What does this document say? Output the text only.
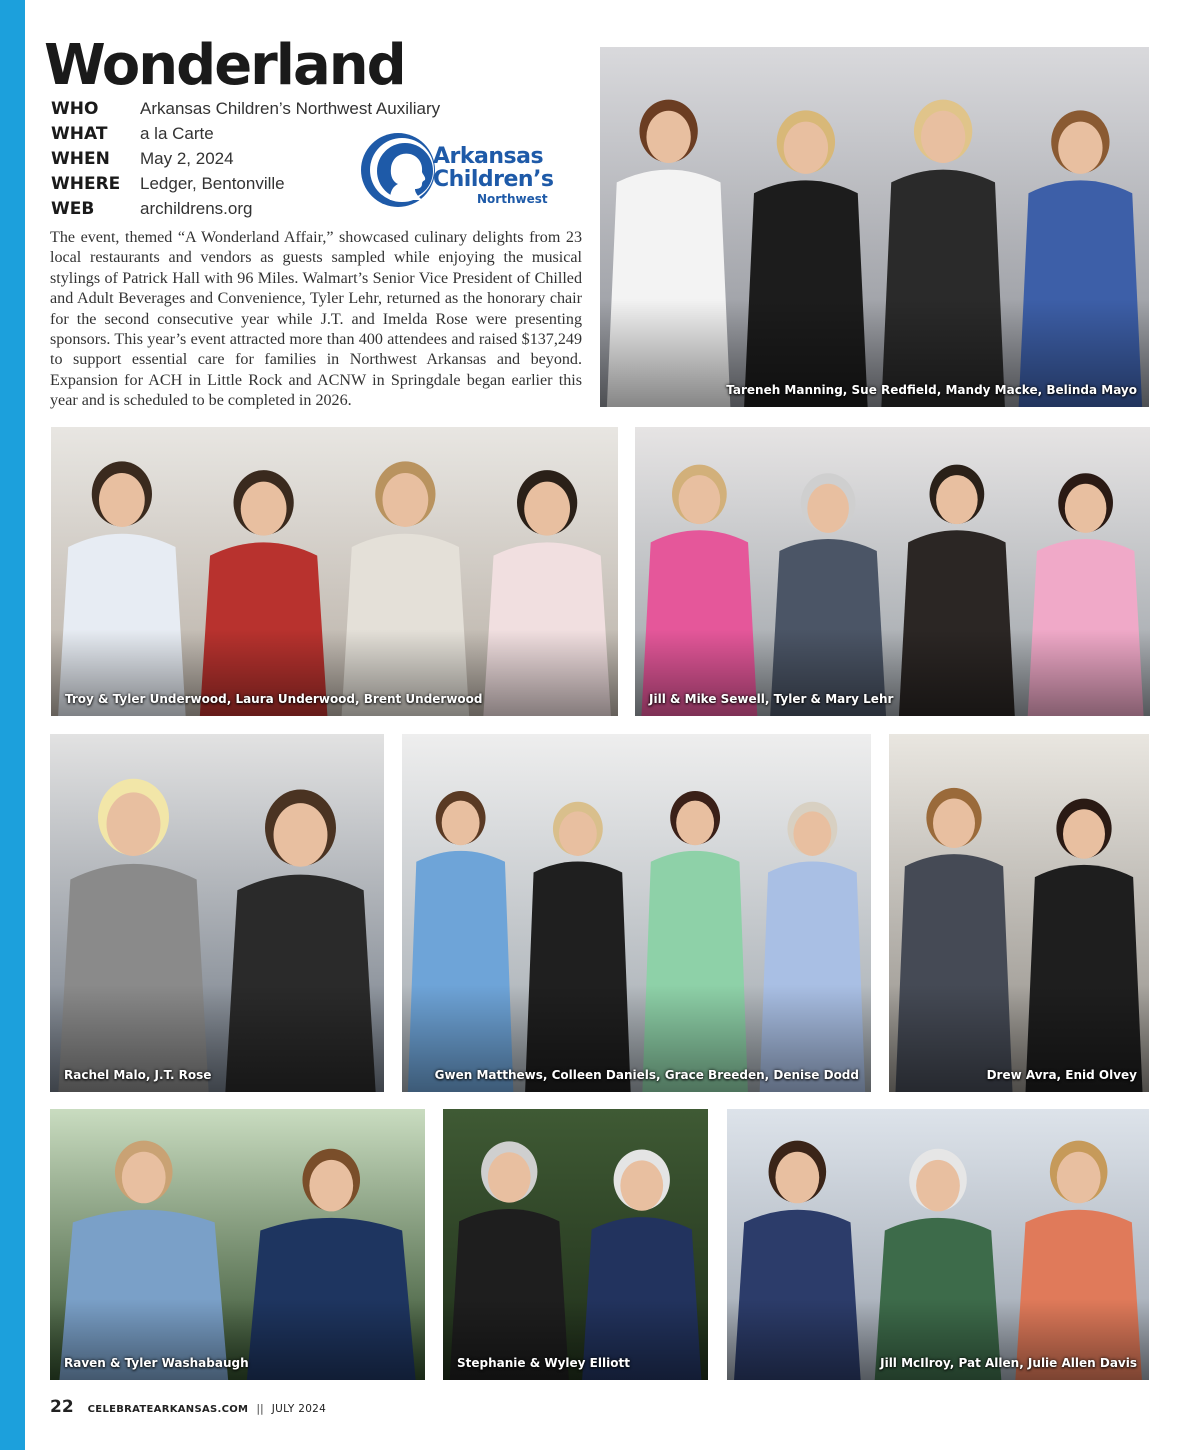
Wonderland
WHO	Arkansas Children’s Northwest Auxiliary
WHAT	a la Carte
WHEN	May 2, 2024
WHERE	Ledger, Bentonville
WEB	archildrens.org
Arkansas
Children’s
Northwest

The event, themed “A Wonderland Affair,” showcased culinary delights from 23 local restaurants and vendors as guests sampled while enjoying the musical stylings of Patrick Hall with 96 Miles. Walmart’s Senior Vice President of Chilled and Adult Beverages and Convenience, Tyler Lehr, returned as the honorary chair for the second consecutive year while J.T. and Imelda Rose were presenting sponsors. This year’s event attracted more than 400 attendees and raised $137,249 to support essential care for families in Northwest Arkansas and beyond. Expansion for ACH in Little Rock and ACNW in Springdale began earlier this year and is scheduled to be completed in 2026.

Tareneh Manning, Sue Redfield, Mandy Macke, Belinda Mayo
Troy & Tyler Underwood, Laura Underwood, Brent Underwood	Jill & Mike Sewell, Tyler & Mary Lehr
Rachel Malo, J.T. Rose	Gwen Matthews, Colleen Daniels, Grace Breeden, Denise Dodd	Drew Avra, Enid Olvey
Raven & Tyler Washabaugh	Stephanie & Wyley Elliott	Jill McIlroy, Pat Allen, Julie Allen Davis
22 CELEBRATEARKANSAS.COM || JULY 2024
